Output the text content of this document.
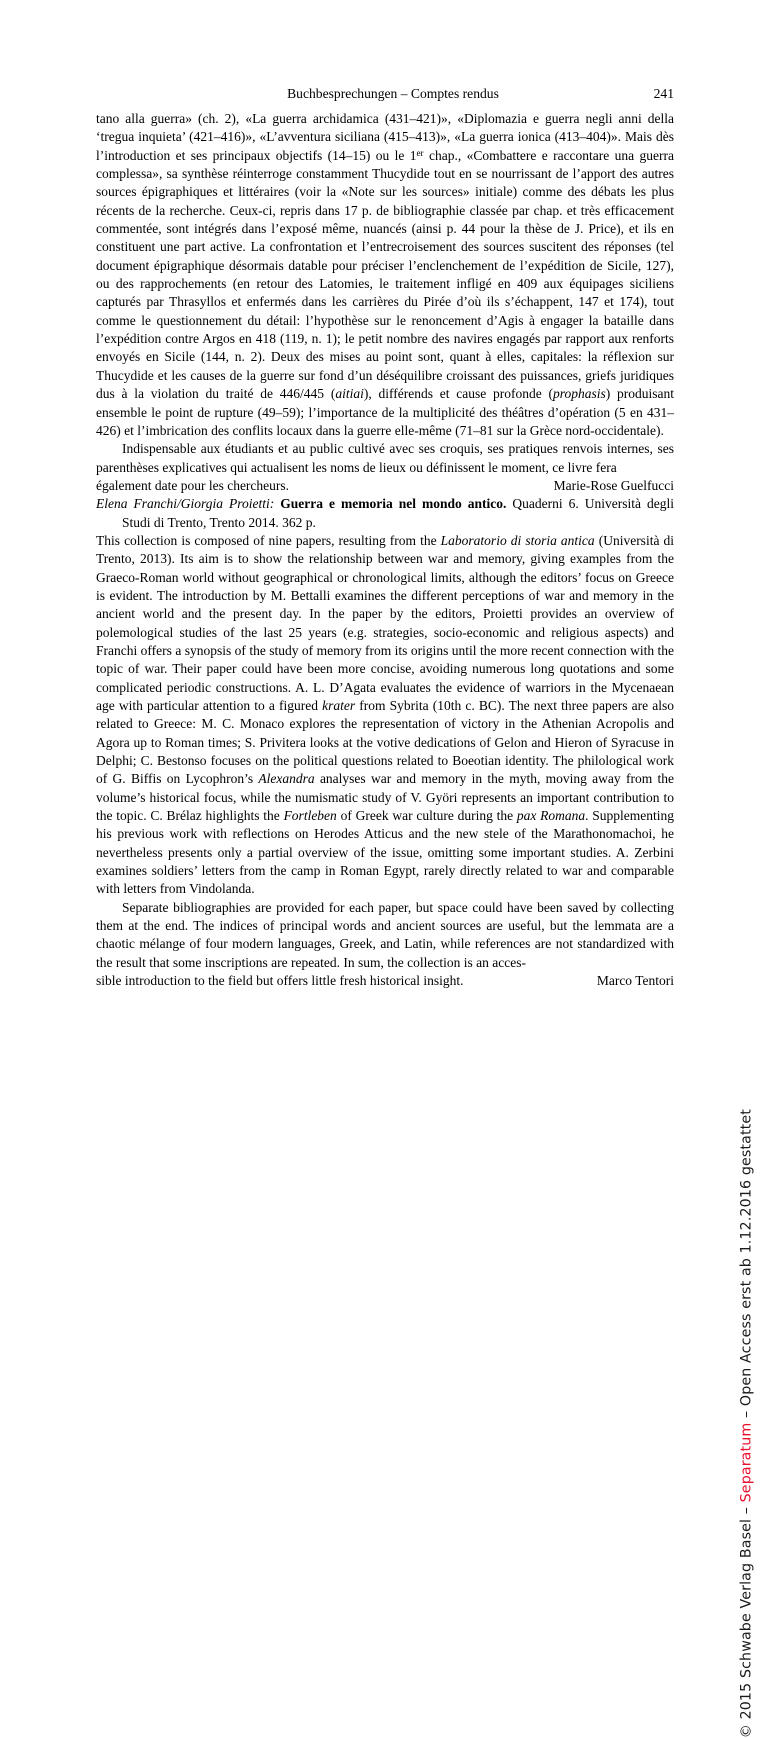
Buchbesprechungen – Comptes rendus	241

tano alla guerra» (ch. 2), «La guerra archidamica (431–421)», «Diplomazia e guerra negli anni della ‘tregua inquieta’ (421–416)», «L’avventura siciliana (415–413)», «La guerra ionica (413–404)». Mais dès l’introduction et ses principaux objectifs (14–15) ou le 1er chap., «Combattere e raccontare una guerra complessa», sa synthèse réinterroge constamment Thucydide tout en se nourrissant de l’apport des autres sources épigraphiques et littéraires (voir la «Note sur les sources» initiale) comme des débats les plus récents de la recherche. Ceux-ci, repris dans 17 p. de bibliographie classée par chap. et très efficacement commentée, sont intégrés dans l’exposé même, nuancés (ainsi p. 44 pour la thèse de J. Price), et ils en constituent une part active. La confrontation et l’entrecroisement des sources suscitent des réponses (tel document épigraphique désormais datable pour préciser l’enclenchement de l’expédition de Sicile, 127), ou des rapprochements (en retour des Latomies, le traitement infligé en 409 aux équipages siciliens capturés par Thrasyllos et enfermés dans les carrières du Pirée d’où ils s’échappent, 147 et 174), tout comme le questionnement du détail: l’hypothèse sur le renoncement d’Agis à engager la bataille dans l’expédition contre Argos en 418 (119, n. 1); le petit nombre des navires engagés par rapport aux renforts envoyés en Sicile (144, n. 2). Deux des mises au point sont, quant à elles, capitales: la réflexion sur Thucydide et les causes de la guerre sur fond d’un déséquilibre croissant des puissances, griefs juridiques dus à la violation du traité de 446/445 (aitiai), différends et cause profonde (prophasis) produisant ensemble le point de rupture (49–59); l’importance de la multiplicité des théâtres d’opération (5 en 431–426) et l’imbrication des conflits locaux dans la guerre elle-même (71–81 sur la Grèce nord-occidentale).

Indispensable aux étudiants et au public cultivé avec ses croquis, ses pratiques renvois internes, ses parenthèses explicatives qui actualisent les noms de lieux ou définissent le moment, ce livre fera

également date pour les chercheurs.	Marie-Rose Guelfucci

Elena Franchi/Giorgia Proietti: Guerra e memoria nel mondo antico. Quaderni 6. Università degli Studi di Trento, Trento 2014. 362 p.

This collection is composed of nine papers, resulting from the Laboratorio di storia antica (Università di Trento, 2013). Its aim is to show the relationship between war and memory, giving examples from the Graeco-Roman world without geographical or chronological limits, although the editors’ focus on Greece is evident. The introduction by M. Bettalli examines the different perceptions of war and memory in the ancient world and the present day. In the paper by the editors, Proietti provides an overview of polemological studies of the last 25 years (e.g. strategies, socio-economic and religious aspects) and Franchi offers a synopsis of the study of memory from its origins until the more recent connection with the topic of war. Their paper could have been more concise, avoiding numerous long quotations and some complicated periodic constructions. A. L. D’Agata evaluates the evidence of warriors in the Mycenaean age with particular attention to a figured krater from Sybrita (10th c. BC). The next three papers are also related to Greece: M. C. Monaco explores the representation of victory in the Athenian Acropolis and Agora up to Roman times; S. Privitera looks at the votive dedications of Gelon and Hieron of Syracuse in Delphi; C. Bestonso focuses on the political questions related to Boeotian identity. The philological work of G. Biffis on Lycophron’s Alexandra analyses war and memory in the myth, moving away from the volume’s historical focus, while the numismatic study of V. Györi represents an important contribution to the topic. C. Brélaz highlights the Fortleben of Greek war culture during the pax Romana. Supplementing his previous work with reflections on Herodes Atticus and the new stele of the Marathonomachoi, he nevertheless presents only a partial overview of the issue, omitting some important studies. A. Zerbini examines soldiers’ letters from the camp in Roman Egypt, rarely directly related to war and comparable with letters from Vindolanda.

Separate bibliographies are provided for each paper, but space could have been saved by collecting them at the end. The indices of principal words and ancient sources are useful, but the lemmata are a chaotic mélange of four modern languages, Greek, and Latin, while references are not standardized with the result that some inscriptions are repeated. In sum, the collection is an acces-

sible introduction to the field but offers little fresh historical insight.	Marco Tentori
© 2015 Schwabe Verlag Basel – Separatum – Open Access erst ab 1.12.2016 gestattet
